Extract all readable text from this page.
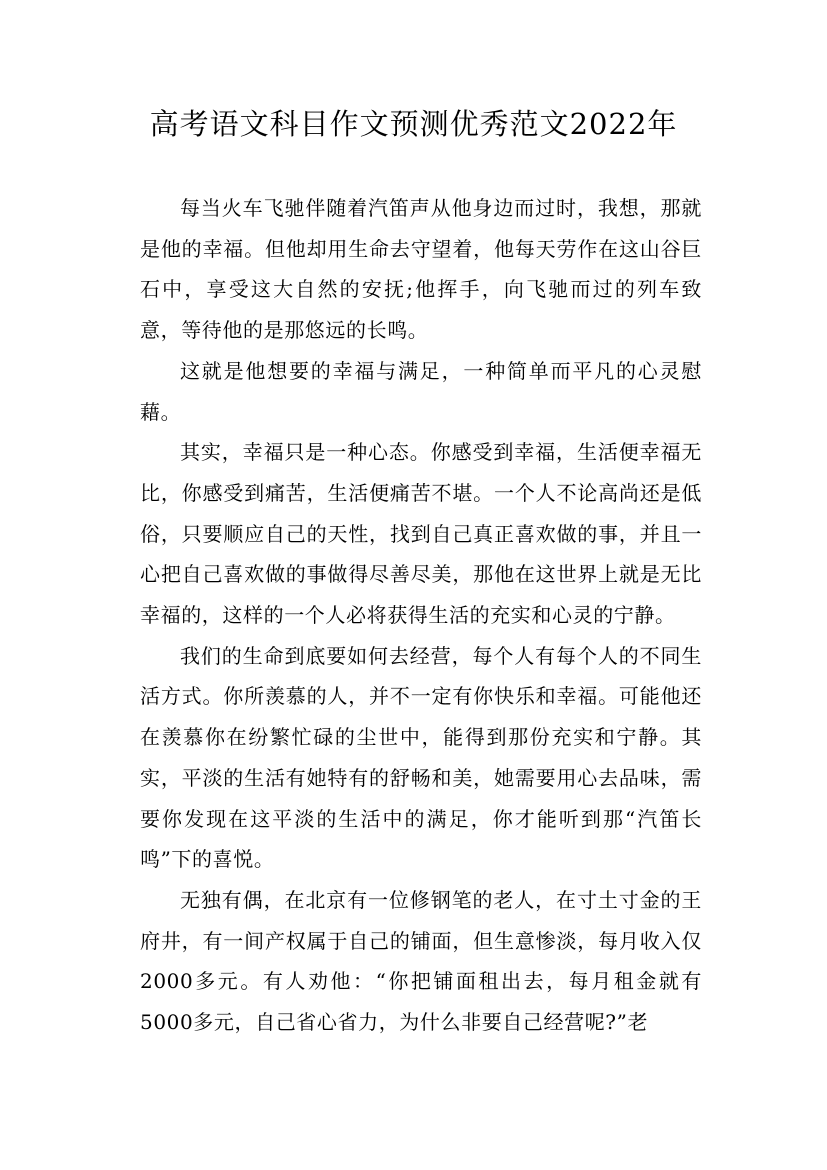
高考语文科目作文预测优秀范文2022年

每当火车飞驰伴随着汽笛声从他身边而过时，我想，那就是他的幸福。但他却用生命去守望着，他每天劳作在这山谷巨石中，享受这大自然的安抚;他挥手，向飞驰而过的列车致意，等待他的是那悠远的长鸣。

这就是他想要的幸福与满足，一种简单而平凡的心灵慰藉。

其实，幸福只是一种心态。你感受到幸福，生活便幸福无比，你感受到痛苦，生活便痛苦不堪。一个人不论高尚还是低俗，只要顺应自己的天性，找到自己真正喜欢做的事，并且一心把自己喜欢做的事做得尽善尽美，那他在这世界上就是无比幸福的，这样的一个人必将获得生活的充实和心灵的宁静。

我们的生命到底要如何去经营，每个人有每个人的不同生活方式。你所羡慕的人，并不一定有你快乐和幸福。可能他还在羡慕你在纷繁忙碌的尘世中，能得到那份充实和宁静。其实，平淡的生活有她特有的舒畅和美，她需要用心去品味，需要你发现在这平淡的生活中的满足，你才能听到那“汽笛长鸣”下的喜悦。

无独有偶，在北京有一位修钢笔的老人，在寸土寸金的王府井，有一间产权属于自己的铺面，但生意惨淡，每月收入仅2000多元。有人劝他：“你把铺面租出去，每月租金就有5000多元，自己省心省力，为什么非要自己经营呢?”老
